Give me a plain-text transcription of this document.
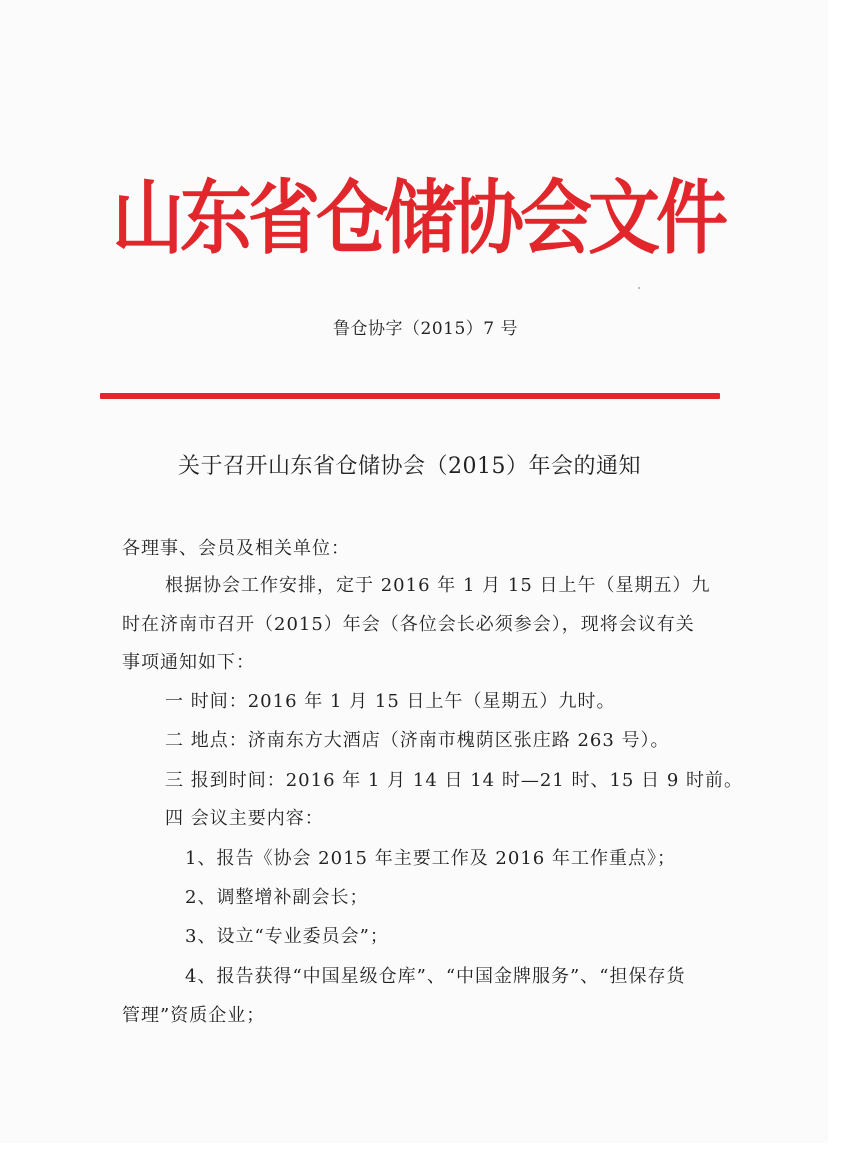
山东省仓储协会文件
鲁仓协字（2015）7 号
关于召开山东省仓储协会（2015）年会的通知
各理事、会员及相关单位：
根据协会工作安排，定于 2016 年 1 月 15 日上午（星期五）九
时在济南市召开（2015）年会（各位会长必须参会），现将会议有关
事项通知如下：
一 时间：2016 年 1 月 15 日上午（星期五）九时。
二 地点：济南东方大酒店（济南市槐荫区张庄路 263 号）。
三 报到时间：2016 年 1 月 14 日 14 时—21 时、15 日 9 时前。
四 会议主要内容：
1、报告《协会 2015 年主要工作及 2016 年工作重点》；
2、调整增补副会长；
3、设立“专业委员会”；
4、报告获得“中国星级仓库”、“中国金牌服务”、“担保存货
管理”资质企业；
